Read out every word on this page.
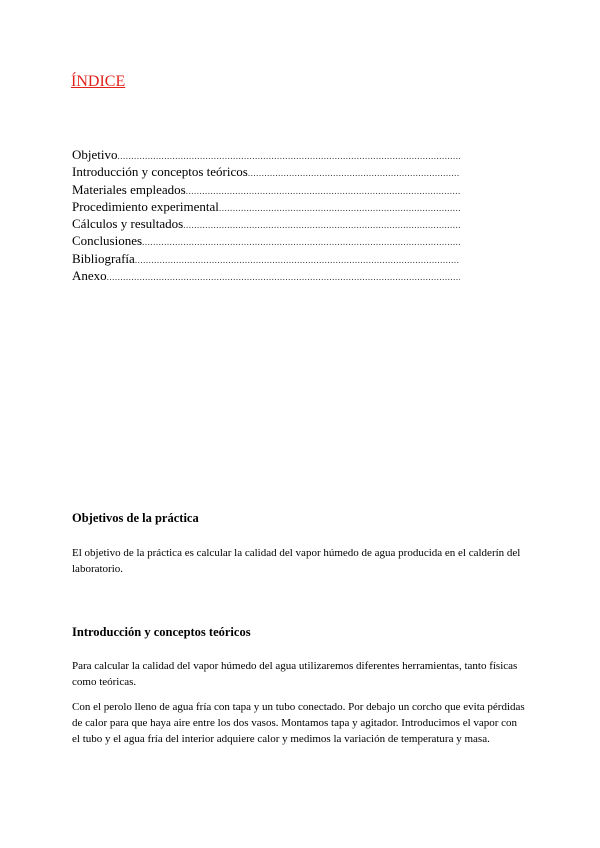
ÍNDICE
Objetivo
.....
Introducción y conceptos teóricos
.....
Materiales empleados
.....
Procedimiento experimental
.....
Cálculos y resultados
.....
Conclusiones
.....
Bibliografía
.....
Anexo
.....
Objetivos de la práctica

El objetivo de la práctica es calcular la calidad del vapor húmedo de agua producida en el calderín del laboratorio.

Introducción y conceptos teóricos

Para calcular la calidad del vapor húmedo del agua utilizaremos diferentes herramientas, tanto físicas como teóricas.

Con el perolo lleno de agua fría con tapa y un tubo conectado. Por debajo un corcho que evita pérdidas de calor para que haya aire entre los dos vasos. Montamos tapa y agitador. Introducimos el vapor con el tubo y el agua fría del interior adquiere calor y medimos la variación de temperatura y masa.
